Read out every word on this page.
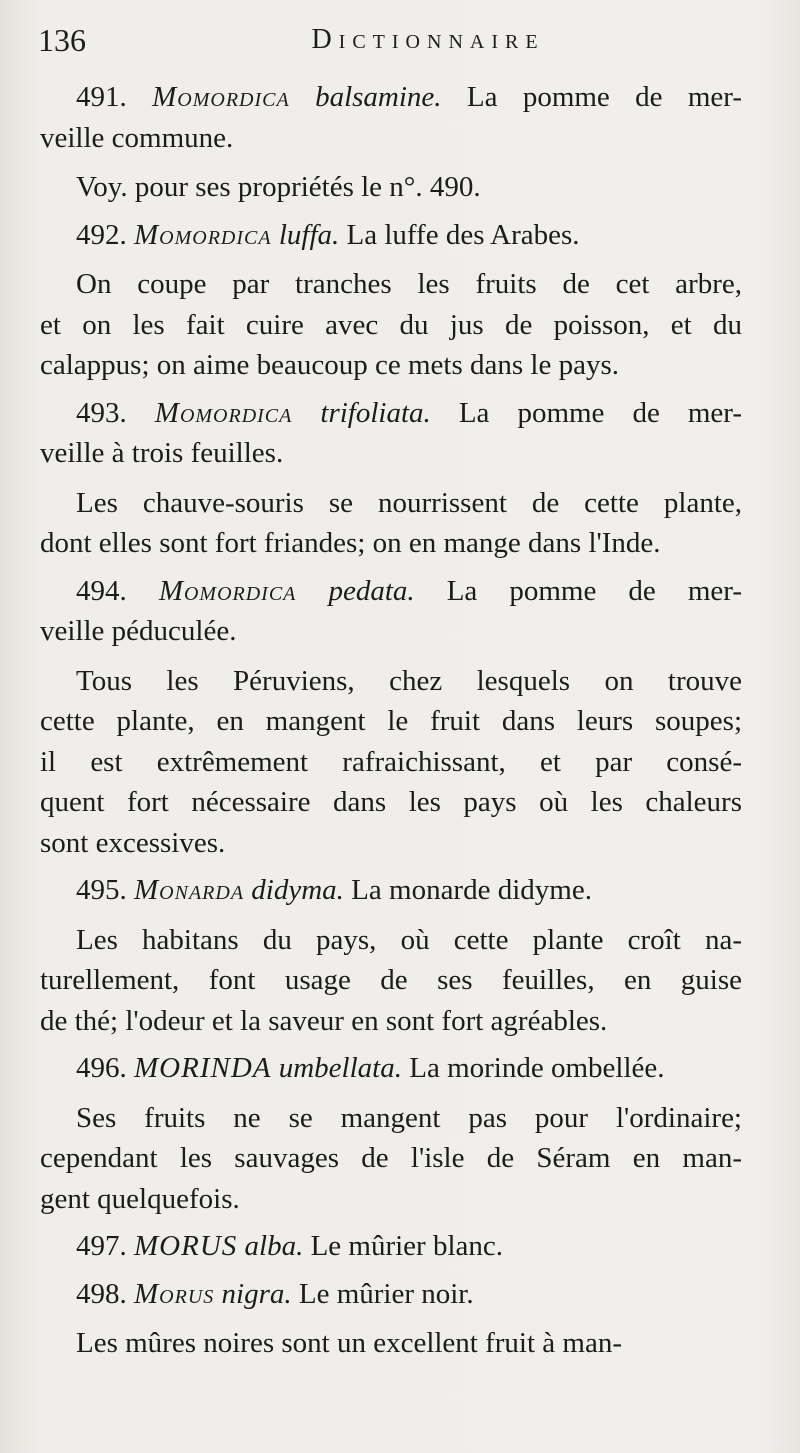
136	Dictionnaire
491. Momordica balsamine. La pomme de mer-
veille commune.
Voy. pour ses propriétés le n°. 490.
492. Momordica luffa. La luffe des Arabes.
On coupe par tranches les fruits de cet arbre,
et on les fait cuire avec du jus de poisson, et du
calappus; on aime beaucoup ce mets dans le pays.
493. Momordica trifoliata. La pomme de mer-
veille à trois feuilles.
Les chauve-souris se nourrissent de cette plante,
dont elles sont fort friandes; on en mange dans l'Inde.
494. Momordica pedata. La pomme de mer-
veille péduculée.
Tous les Péruviens, chez lesquels on trouve
cette plante, en mangent le fruit dans leurs soupes;
il est extrêmement rafraichissant, et par consé-
quent fort nécessaire dans les pays où les chaleurs
sont excessives.
495. Monarda didyma. La monarde didyme.
Les habitans du pays, où cette plante croît na-
turellement, font usage de ses feuilles, en guise
de thé; l'odeur et la saveur en sont fort agréables.
496. MORINDA umbellata. La morinde ombellée.
Ses fruits ne se mangent pas pour l'ordinaire;
cependant les sauvages de l'isle de Séram en man-
gent quelquefois.
497. MORUS alba. Le mûrier blanc.
498. Morus nigra. Le mûrier noir.
Les mûres noires sont un excellent fruit à man-
